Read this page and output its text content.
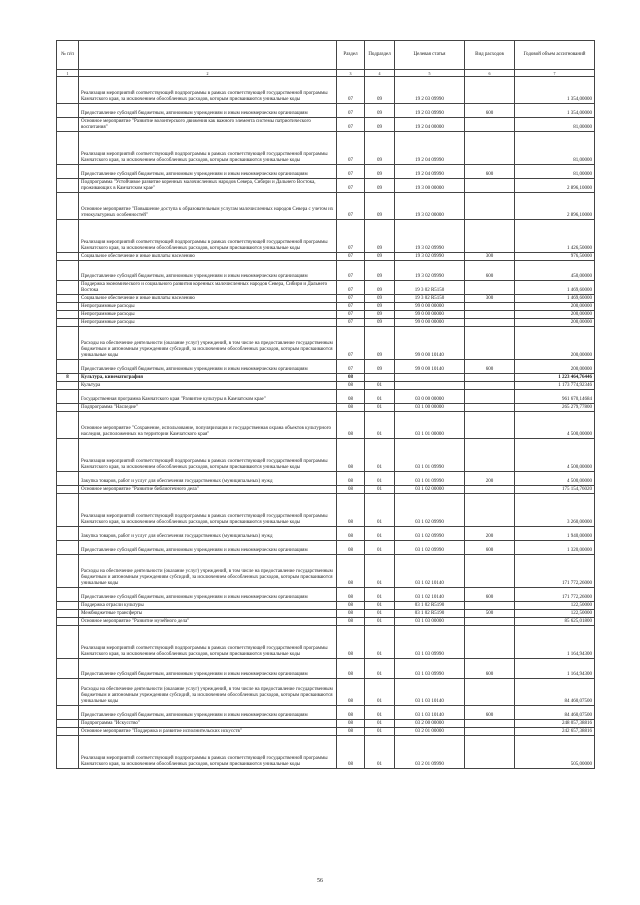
№ п/п		Раздел	Подраздел	Целевая статья	Вид расходов	Годовой объем ассигнований
1	2	3	4	5	6	7
	Реализация мероприятий соответствующей подпрограммы в рамках соответствующей государственной программы Камчатского края, за исключением обособленных расходов, которым присваиваются уникальные коды	07	09	19 2 03 09990		1 354,00000
	Предоставление субсидий бюджетным, автономным учреждениям и иным некоммерческим организациям	07	09	19 2 03 09990	600	1 354,00000
	Основное мероприятие "Развитие волонтерского движения как важного элемента системы патриотического воспитания"	07	09	19 2 04 00000		81,00000
	Реализация мероприятий соответствующей подпрограммы в рамках соответствующей государственной программы Камчатского края, за исключением обособленных расходов, которым присваиваются уникальные коды	07	09	19 2 04 09990		81,00000
	Предоставление субсидий бюджетным, автономным учреждениям и иным некоммерческим организациям	07	09	19 2 04 09990	600	81,00000
	Подпрограмма "Устойчивое развитие коренных малочисленных народов Севера, Сибири и Дальнего Востока, проживающих в Камчатском крае"	07	09	19 3 00 00000		2 896,10000
	Основное мероприятие "Повышение доступа к образовательным услугам малочисленных народов Севера с учетом их этнокультурных особенностей"	07	09	19 3 02 00000		2 896,10000
	Реализация мероприятий соответствующей подпрограммы в рамках соответствующей государственной программы Камчатского края, за исключением обособленных расходов, которым присваиваются уникальные коды	07	09	19 3 02 09990		1 426,50000
	Социальное обеспечение и иные выплаты населению	07	09	19 3 02 09990	300	976,50000
	Предоставление субсидий бюджетным, автономным учреждениям и иным некоммерческим организациям	07	09	19 3 02 09990	600	450,00000
	Поддержка экономического и социального развития коренных малочисленных народов Севера, Сибири и Дальнего Востока	07	09	19 3 02 R5150		1 469,60000
	Социальное обеспечение и иные выплаты населению	07	09	19 3 02 R5150	300	1 469,60000
	Непрограммные расходы	07	09	99 0 00 00000		200,00000
	Непрограммные расходы	07	09	99 0 00 00000		200,00000
	Непрограммные расходы	07	09	99 0 00 00000		200,00000
	Расходы на обеспечение деятельности (оказание услуг) учреждений, в том числе на предоставление государственным бюджетным и автономным учреждениям субсидий, за исключением обособленных расходов, которым присваиваются уникальные коды	07	09	99 0 00 10140		200,00000
	Предоставление субсидий бюджетным, автономным учреждениям и иным некоммерческим организациям	07	09	99 0 00 10140	600	200,00000
8	Культура, кинематография	08				1 223 464,76446
	Культура	08	01			1 173 774,92346
	Государственная программа Камчатского края "Развитие культуры в Камчатском крае"	08	01	03 0 00 00000		961 670,14684
	Подпрограмма "Наследие"	08	01	03 1 00 00000		265 279,77800
	Основное мероприятие "Сохранение, использование, популяризация и государственная охрана объектов культурного наследия, расположенных на территории Камчатского края"	08	01	03 1 01 00000		4 500,00000
	Реализация мероприятий соответствующей подпрограммы в рамках соответствующей государственной программы Камчатского края, за исключением обособленных расходов, которым присваиваются уникальные коды	08	01	03 1 01 09990		4 500,00000
	Закупка товаров, работ и услуг для обеспечения государственных (муниципальных) нужд	08	01	03 1 01 09990	200	4 500,00000
	Основное мероприятие "Развитие библиотечного дела"	08	01	03 1 02 00000		175 154,76020
	Реализация мероприятий соответствующей подпрограммы в рамках соответствующей государственной программы Камчатского края, за исключением обособленных расходов, которым присваиваются уникальные коды	08	01	03 1 02 09990		3 260,00000
	Закупка товаров, работ и услуг для обеспечения государственных (муниципальных) нужд	08	01	03 1 02 09990	200	1 940,00000
	Предоставление субсидий бюджетным, автономным учреждениям и иным некоммерческим организациям	08	01	03 1 02 09990	600	1 320,00000
	Расходы на обеспечение деятельности (оказание услуг) учреждений, в том числе на предоставление государственным бюджетным и автономным учреждениям субсидий, за исключением обособленных расходов, которым присваиваются уникальные коды	08	01	03 1 02 10140		171 772,26000
	Предоставление субсидий бюджетным, автономным учреждениям и иным некоммерческим организациям	08	01	03 1 02 10140	600	171 772,26000
	Поддержка отрасли культуры	08	01	03 1 02 R5190		122,50000
	Межбюджетные трансферты	08	01	03 1 02 R5190	500	122,50000
	Основное мероприятие "Развитие музейного дела"	08	01	03 1 03 00000		85 625,01800
	Реализация мероприятий соответствующей подпрограммы в рамках соответствующей государственной программы Камчатского края, за исключением обособленных расходов, которым присваиваются уникальные коды	08	01	03 1 03 09990		1 164,94300
	Предоставление субсидий бюджетным, автономным учреждениям и иным некоммерческим организациям	08	01	03 1 03 09990	600	1 164,94300
	Расходы на обеспечение деятельности (оказание услуг) учреждений, в том числе на предоставление государственным бюджетным и автономным учреждениям субсидий, за исключением обособленных расходов, которым присваиваются уникальные коды	08	01	03 1 03 10140		84 460,07500
	Предоставление субсидий бюджетным, автономным учреждениям и иным некоммерческим организациям	08	01	03 1 03 10140	600	84 460,07500
	Подпрограмма "Искусство"	08	01	03 2 00 00000		248 057,38816
	Основное мероприятие "Поддержка и развитие исполнительских искусств"	08	01	03 2 01 00000		242 657,38816
	Реализация мероприятий соответствующей подпрограммы в рамках соответствующей государственной программы Камчатского края, за исключением обособленных расходов, которым присваиваются уникальные коды	08	01	03 2 01 09990		505,00000
56
